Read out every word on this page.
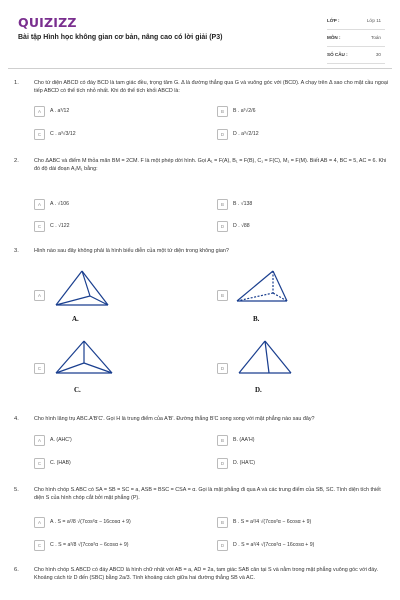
QUIZIZZ
Bài tập Hình học không gian cơ bản, nâng cao có lời giải (P3)
LỚP :	Lớp 11
MÔN :	Toán
SỐ CÂU :	30
1.	Cho tứ diện ABCD có đáy BCD là tam giác đều, trọng tâm G. Δ là đường thẳng qua G và vuông góc với (BCD). A chạy trên Δ sao cho mặt cầu ngoại tiếp ABCD có thể tích nhỏ nhất. Khi đó thể tích khối ABCD là:
A	A . a³/12	B	B . a³√2/6
C	C . a³√3/12	D	D . a³√2/12
2.	Cho ΔABC và điểm M thỏa mãn BM = 2CM. F là một phép dời hình. Gọi A₁ = F(A), B₁ = F(B), C₁ = F(C), M₁ = F(M). Biết AB = 4, BC = 5, AC = 6. Khi đó độ dài đoạn A₁M₁ bằng:
A	A . √106	B	B . √138
C	C . √122	D	D . √88
3.	Hình nào sau đây không phải là hình biểu diễn của một tứ diện trong không gian?
A
A.
B
B.
C
C.
D
D.
4.	Cho hình lăng trụ ABC.A'B'C'. Gọi H là trung điểm của A'B'. Đường thẳng B'C song song với mặt phẳng nào sau đây?
A	A. (AHC')	B	B. (AA'H)
C	C. (HAB)	D	D. (HA'C)
5.	Cho hình chóp S.ABC có SA = SB = SC = a, ASB = BSC = CSA = α. Gọi là mặt phẳng đi qua A và các trung điểm của SB, SC. Tính diện tích thiết diện S của hình chóp cắt bởi mặt phẳng (P).
A	A . S = a²/8 √(7cos²α − 16cosα + 9)	B	B . S = a²/4 √(7cos²α − 6cosα + 9)
C	C . S = a²/8 √(7cos²α − 6cosα + 9)	D	D . S = a²/4 √(7cos²α − 16cosα + 9)
6.	Cho hình chóp S.ABCD có đáy ABCD là hình chữ nhật với AB = a, AD = 2a, tam giác SAB cân tại S và nằm trong mặt phẳng vuông góc với đáy. Khoảng cách từ D đến (SBC) bằng 2a/3. Tính khoảng cách giữa hai đường thẳng SB và AC.
